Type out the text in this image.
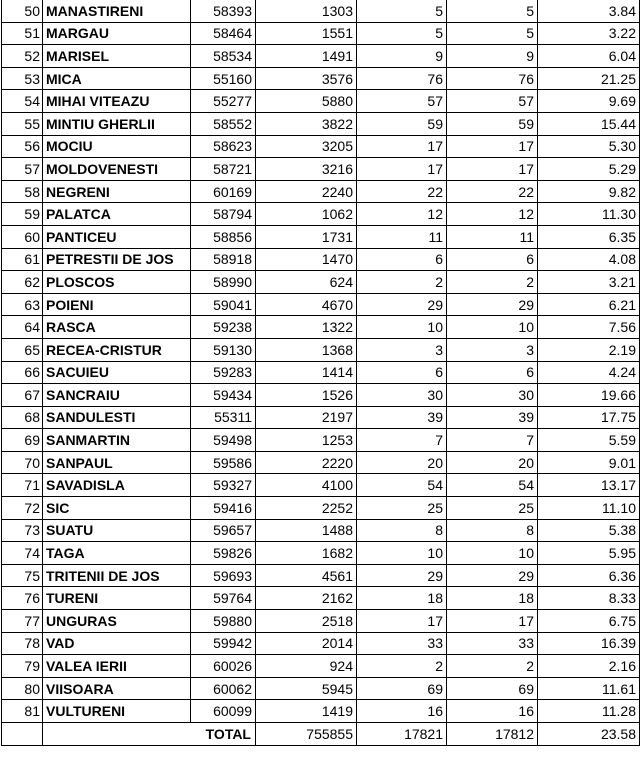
50	MANASTIRENI	58393	1303	5	5	3.84
51	MARGAU	58464	1551	5	5	3.22
52	MARISEL	58534	1491	9	9	6.04
53	MICA	55160	3576	76	76	21.25
54	MIHAI VITEAZU	55277	5880	57	57	9.69
55	MINTIU GHERLII	58552	3822	59	59	15.44
56	MOCIU	58623	3205	17	17	5.30
57	MOLDOVENESTI	58721	3216	17	17	5.29
58	NEGRENI	60169	2240	22	22	9.82
59	PALATCA	58794	1062	12	12	11.30
60	PANTICEU	58856	1731	11	11	6.35
61	PETRESTII DE JOS	58918	1470	6	6	4.08
62	PLOSCOS	58990	624	2	2	3.21
63	POIENI	59041	4670	29	29	6.21
64	RASCA	59238	1322	10	10	7.56
65	RECEA-CRISTUR	59130	1368	3	3	2.19
66	SACUIEU	59283	1414	6	6	4.24
67	SANCRAIU	59434	1526	30	30	19.66
68	SANDULESTI	55311	2197	39	39	17.75
69	SANMARTIN	59498	1253	7	7	5.59
70	SANPAUL	59586	2220	20	20	9.01
71	SAVADISLA	59327	4100	54	54	13.17
72	SIC	59416	2252	25	25	11.10
73	SUATU	59657	1488	8	8	5.38
74	TAGA	59826	1682	10	10	5.95
75	TRITENII DE JOS	59693	4561	29	29	6.36
76	TURENI	59764	2162	18	18	8.33
77	UNGURAS	59880	2518	17	17	6.75
78	VAD	59942	2014	33	33	16.39
79	VALEA IERII	60026	924	2	2	2.16
80	VIISOARA	60062	5945	69	69	11.61
81	VULTURENI	60099	1419	16	16	11.28
	TOTAL		755855	17821	17812	23.58
